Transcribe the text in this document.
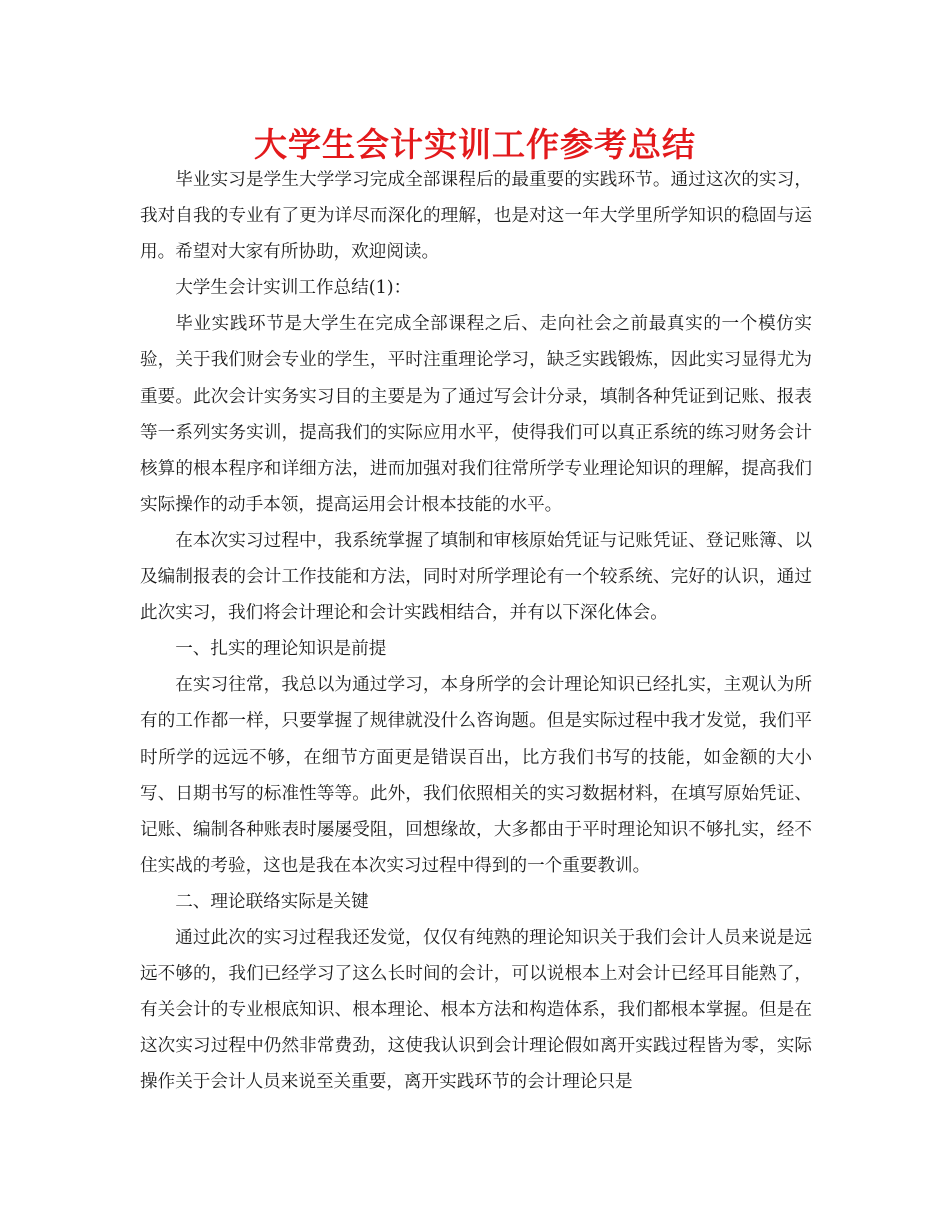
大学生会计实训工作参考总结

毕业实习是学生大学学习完成全部课程后的最重要的实践环节。通过这次的实习，我对自我的专业有了更为详尽而深化的理解，也是对这一年大学里所学知识的稳固与运用。希望对大家有所协助，欢迎阅读。

大学生会计实训工作总结(1)：

毕业实践环节是大学生在完成全部课程之后、走向社会之前最真实的一个模仿实验，关于我们财会专业的学生，平时注重理论学习，缺乏实践锻炼，因此实习显得尤为重要。此次会计实务实习目的主要是为了通过写会计分录，填制各种凭证到记账、报表等一系列实务实训，提高我们的实际应用水平，使得我们可以真正系统的练习财务会计核算的根本程序和详细方法，进而加强对我们往常所学专业理论知识的理解，提高我们实际操作的动手本领，提高运用会计根本技能的水平。

在本次实习过程中，我系统掌握了填制和审核原始凭证与记账凭证、登记账簿、以及编制报表的会计工作技能和方法，同时对所学理论有一个较系统、完好的认识，通过此次实习，我们将会计理论和会计实践相结合，并有以下深化体会。

一、扎实的理论知识是前提

在实习往常，我总以为通过学习，本身所学的会计理论知识已经扎实，主观认为所有的工作都一样，只要掌握了规律就没什么咨询题。但是实际过程中我才发觉，我们平时所学的远远不够，在细节方面更是错误百出，比方我们书写的技能，如金额的大小写、日期书写的标准性等等。此外，我们依照相关的实习数据材料，在填写原始凭证、记账、编制各种账表时屡屡受阻，回想缘故，大多都由于平时理论知识不够扎实，经不住实战的考验，这也是我在本次实习过程中得到的一个重要教训。

二、理论联络实际是关键

通过此次的实习过程我还发觉，仅仅有纯熟的理论知识关于我们会计人员来说是远远不够的，我们已经学习了这么长时间的会计，可以说根本上对会计已经耳目能熟了，有关会计的专业根底知识、根本理论、根本方法和构造体系，我们都根本掌握。但是在这次实习过程中仍然非常费劲，这使我认识到会计理论假如离开实践过程皆为零，实际操作关于会计人员来说至关重要，离开实践环节的会计理论只是
